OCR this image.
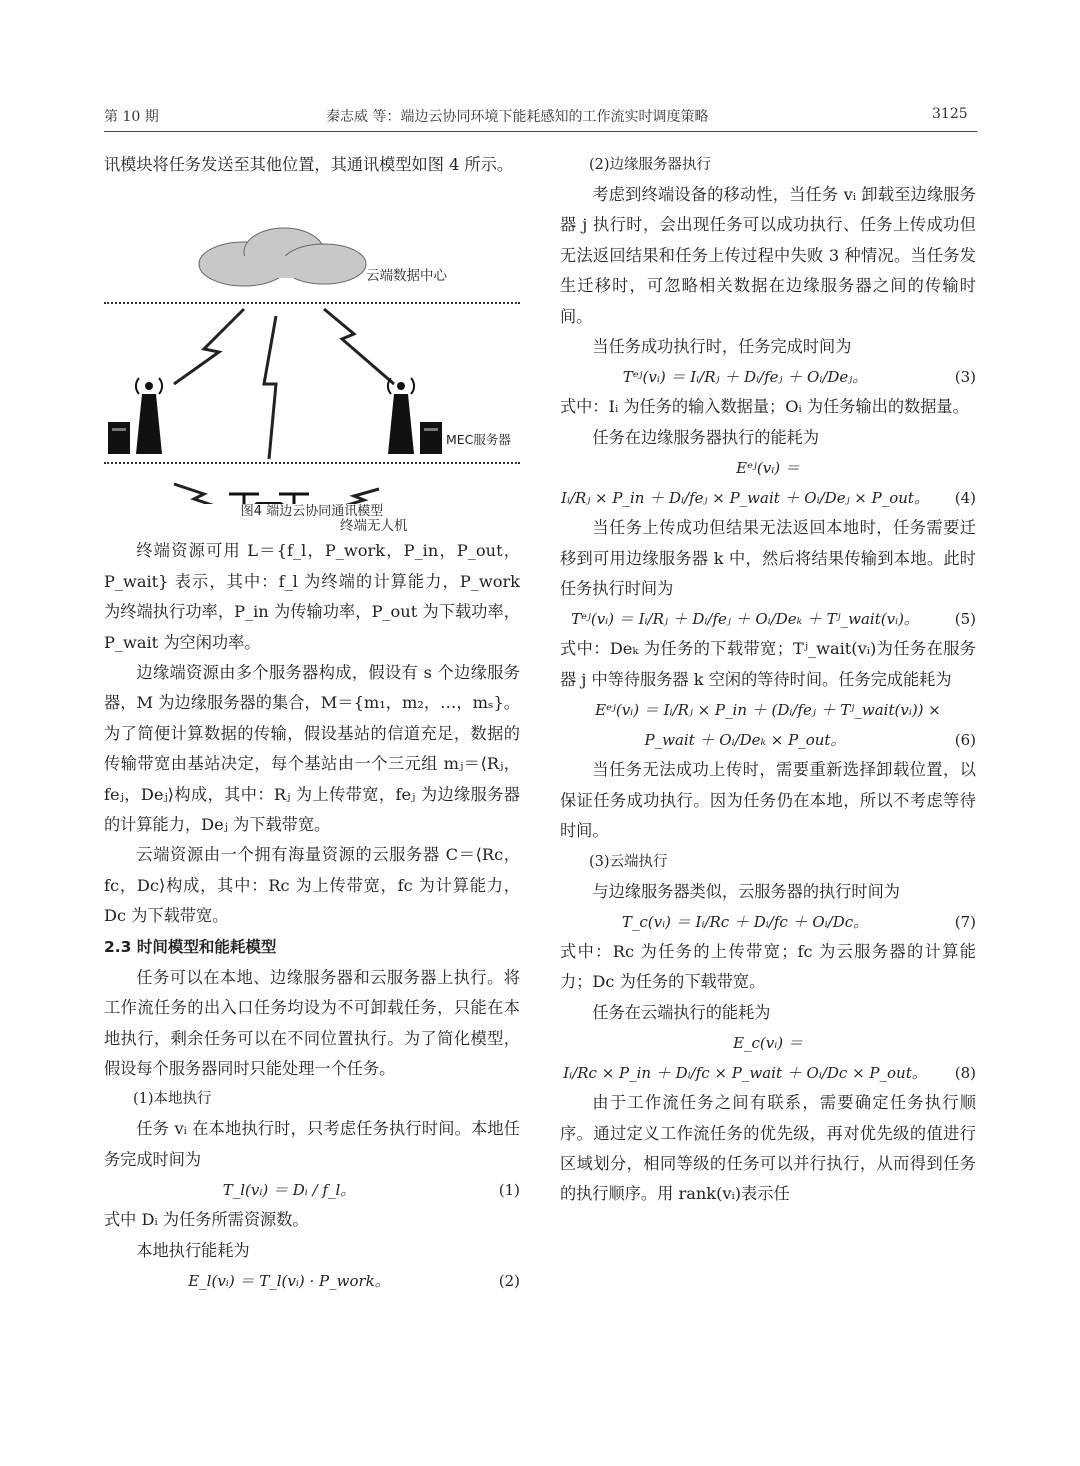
第 10 期	秦志威 等：端边云协同环境下能耗感知的工作流实时调度策略	3125

讯模块将任务发送至其他位置，其通讯模型如图 4 所示。

云端数据中心
MEC服务器
终端无人机
图4 端边云协同通讯模型

终端资源可用 L＝{f_l，P_work，P_in，P_out，P_wait} 表示，其中：f_l 为终端的计算能力，P_work 为终端执行功率，P_in 为传输功率，P_out 为下载功率，P_wait 为空闲功率。

边缘端资源由多个服务器构成，假设有 s 个边缘服务器，M 为边缘服务器的集合，M＝{m₁，m₂，…，mₛ}。为了简便计算数据的传输，假设基站的信道充足，数据的传输带宽由基站决定，每个基站由一个三元组 mⱼ＝⟨Rⱼ，feⱼ，Deⱼ⟩构成，其中：Rⱼ 为上传带宽，feⱼ 为边缘服务器的计算能力，Deⱼ 为下载带宽。

云端资源由一个拥有海量资源的云服务器 C＝⟨Rc，fc，Dc⟩构成，其中：Rc 为上传带宽，fc 为计算能力，Dc 为下载带宽。

2.3 时间模型和能耗模型

任务可以在本地、边缘服务器和云服务器上执行。将工作流任务的出入口任务均设为不可卸载任务，只能在本地执行，剩余任务可以在不同位置执行。为了简化模型，假设每个服务器同时只能处理一个任务。

(1)本地执行

任务 vᵢ 在本地执行时，只考虑任务执行时间。本地任务完成时间为

T_l(vᵢ) ＝ Dᵢ / f_l。	(1)

式中 Dᵢ 为任务所需资源数。

本地执行能耗为

E_l(vᵢ) ＝ T_l(vᵢ) · P_work。	(2)

(2)边缘服务器执行

考虑到终端设备的移动性，当任务 vᵢ 卸载至边缘服务器 j 执行时，会出现任务可以成功执行、任务上传成功但无法返回结果和任务上传过程中失败 3 种情况。当任务发生迁移时，可忽略相关数据在边缘服务器之间的传输时间。

当任务成功执行时，任务完成时间为

Tᵉʲ(vᵢ) ＝ Iᵢ/Rⱼ ＋ Dᵢ/feⱼ ＋ Oᵢ/Deⱼ。	(3)

式中：Iᵢ 为任务的输入数据量；Oᵢ 为任务输出的数据量。

任务在边缘服务器执行的能耗为

Eᵉʲ(vᵢ) ＝
Iᵢ/Rⱼ × P_in ＋ Dᵢ/feⱼ × P_wait ＋ Oᵢ/Deⱼ × P_out。	(4)

当任务上传成功但结果无法返回本地时，任务需要迁移到可用边缘服务器 k 中，然后将结果传输到本地。此时任务执行时间为

Tᵉʲ(vᵢ) ＝ Iᵢ/Rⱼ ＋ Dᵢ/feⱼ ＋ Oᵢ/Deₖ ＋ Tʲ_wait(vᵢ)。	(5)

式中：Deₖ 为任务的下载带宽；Tʲ_wait(vᵢ)为任务在服务器 j 中等待服务器 k 空闲的等待时间。任务完成能耗为

Eᵉʲ(vᵢ) ＝ Iᵢ/Rⱼ × P_in ＋ (Dᵢ/feⱼ ＋ Tʲ_wait(vᵢ)) ×
P_wait ＋ Oᵢ/Deₖ × P_out。	(6)

当任务无法成功上传时，需要重新选择卸载位置，以保证任务成功执行。因为任务仍在本地，所以不考虑等待时间。

(3)云端执行

与边缘服务器类似，云服务器的执行时间为

T_c(vᵢ) ＝ Iᵢ/Rc ＋ Dᵢ/fc ＋ Oᵢ/Dc。	(7)

式中：Rc 为任务的上传带宽；fc 为云服务器的计算能力；Dc 为任务的下载带宽。

任务在云端执行的能耗为

E_c(vᵢ) ＝
Iᵢ/Rc × P_in ＋ Dᵢ/fc × P_wait ＋ Oᵢ/Dc × P_out。	(8)

由于工作流任务之间有联系，需要确定任务执行顺序。通过定义工作流任务的优先级，再对优先级的值进行区域划分，相同等级的任务可以并行执行，从而得到任务的执行顺序。用 rank(vᵢ)表示任
